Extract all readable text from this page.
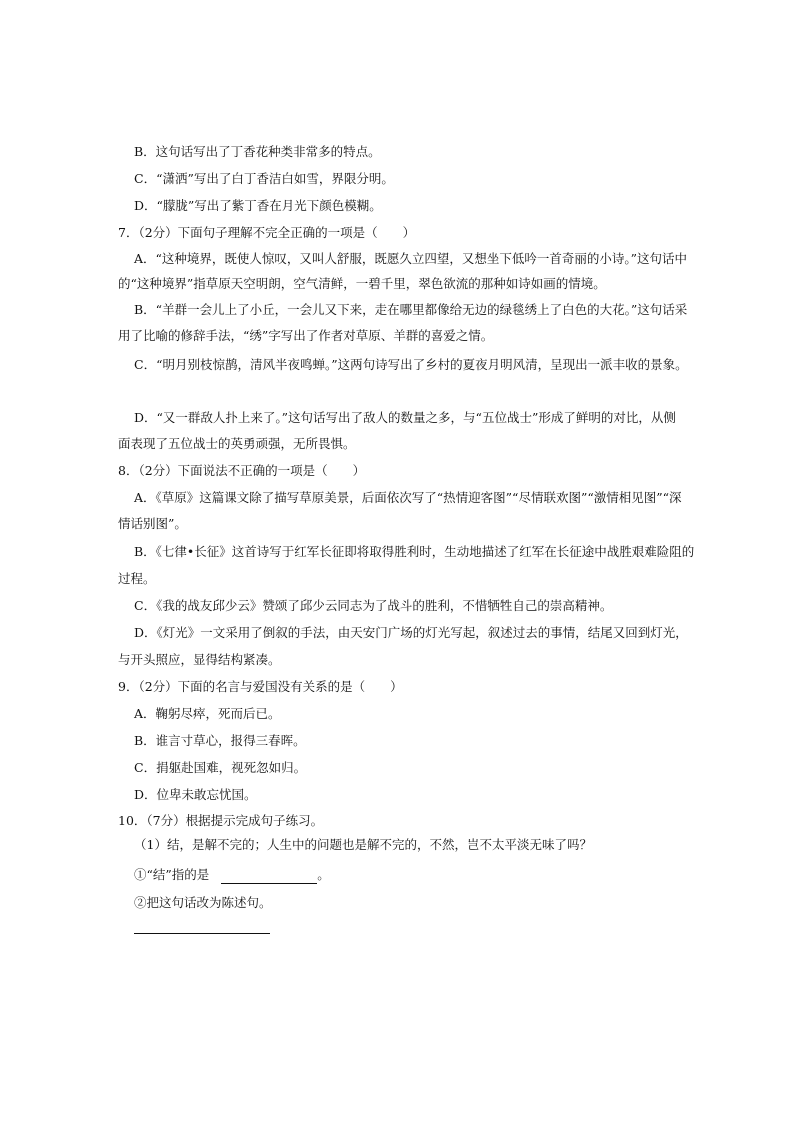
B．这句话写出了丁香花种类非常多的特点。
C．“潇洒”写出了白丁香洁白如雪，界限分明。
D．“朦胧”写出了紫丁香在月光下颜色模糊。
7．（2分）下面句子理解不完全正确的一项是（　　）
A．“这种境界，既使人惊叹，又叫人舒服，既愿久立四望，又想坐下低吟一首奇丽的小诗。”这句话中
的“这种境界”指草原天空明朗，空气清鲜，一碧千里，翠色欲流的那种如诗如画的情境。
B．“羊群一会儿上了小丘，一会儿又下来，走在哪里都像给无边的绿毯绣上了白色的大花。”这句话采
用了比喻的修辞手法，“绣”字写出了作者对草原、羊群的喜爱之情。
C．“明月别枝惊鹊，清风半夜鸣蝉。”这两句诗写出了乡村的夏夜月明风清，呈现出一派丰收的景象。
D．“又一群敌人扑上来了。”这句话写出了敌人的数量之多，与“五位战士”形成了鲜明的对比，从侧
面表现了五位战士的英勇顽强，无所畏惧。
8．（2分）下面说法不正确的一项是（　　）
A．《草原》这篇课文除了描写草原美景，后面依次写了“热情迎客图”“尽情联欢图”“激情相见图”“深
情话别图”。
B．《七律•长征》这首诗写于红军长征即将取得胜利时，生动地描述了红军在长征途中战胜艰难险阻的
过程。
C．《我的战友邱少云》赞颂了邱少云同志为了战斗的胜利，不惜牺牲自己的崇高精神。
D．《灯光》一文采用了倒叙的手法，由天安门广场的灯光写起，叙述过去的事情，结尾又回到灯光，
与开头照应，显得结构紧凑。
9．（2分）下面的名言与爱国没有关系的是（　　）
A．鞠躬尽瘁，死而后已。
B．谁言寸草心，报得三春晖。
C．捐躯赴国难，视死忽如归。
D．位卑未敢忘忧国。
10．（7分）根据提示完成句子练习。
（1）结，是解不完的；人生中的问题也是解不完的，不然，岂不太平淡无味了吗？
①“结”指的是	。
②把这句话改为陈述句。
